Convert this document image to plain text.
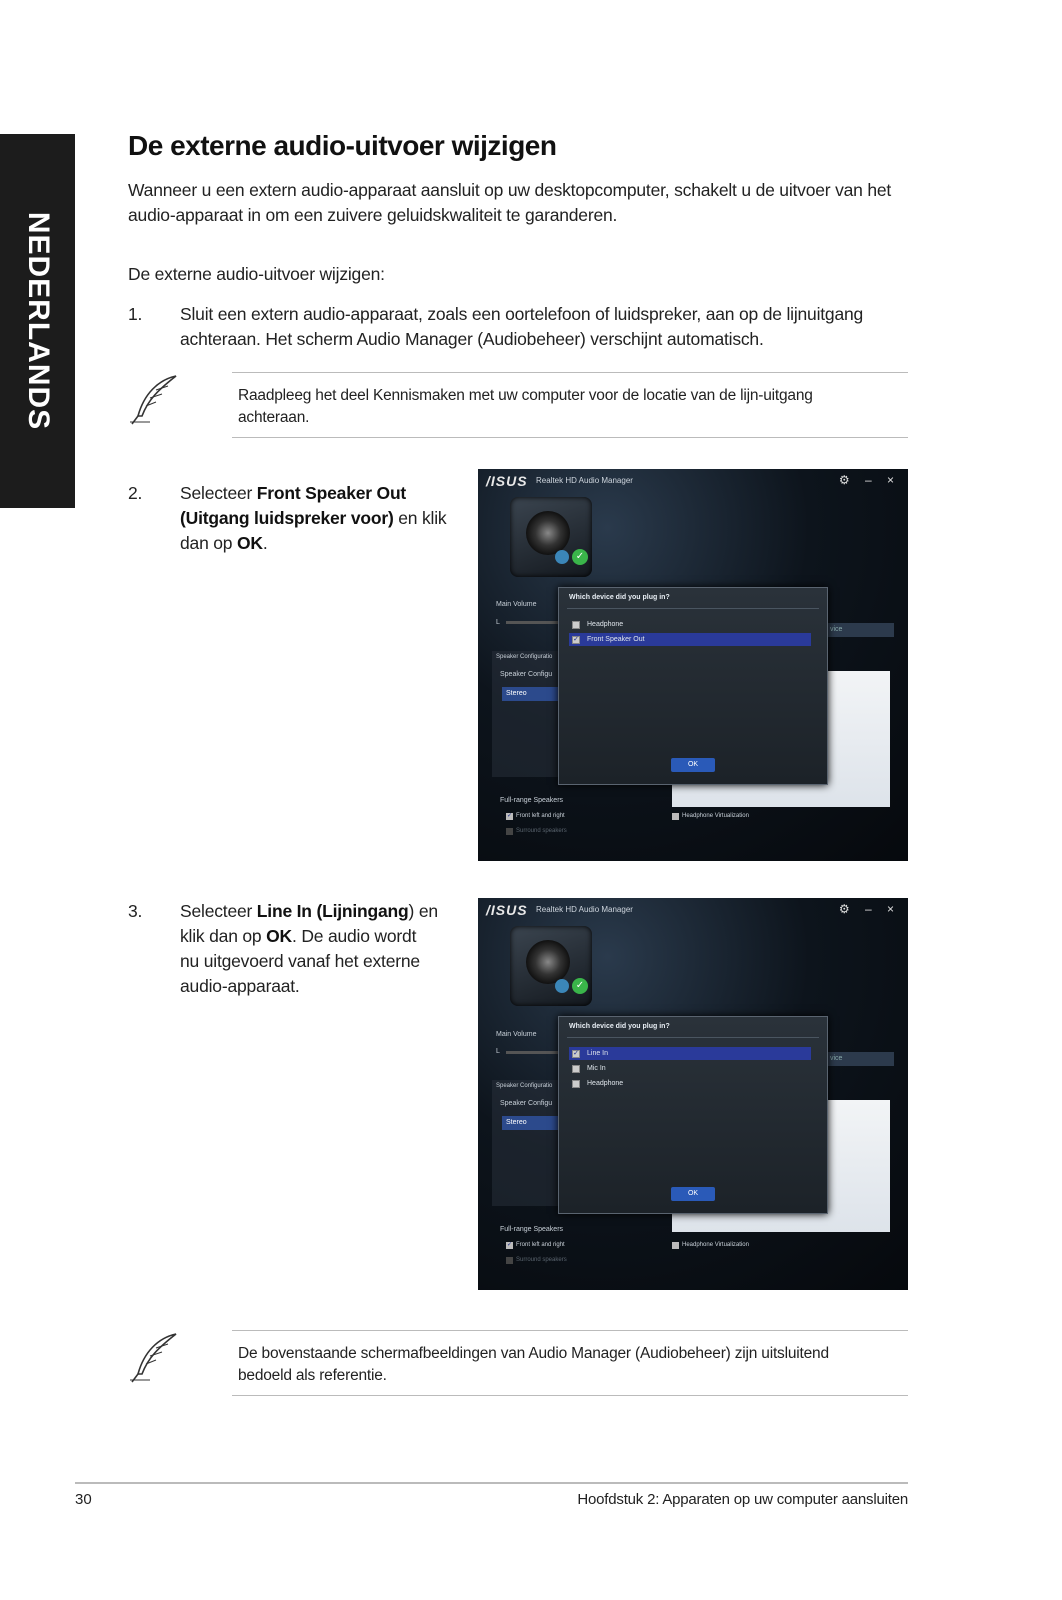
NEDERLANDS
De externe audio-uitvoer wijzigen
Wanneer u een extern audio-apparaat aansluit op uw desktopcomputer, schakelt u de uitvoer van het audio-apparaat in om een zuivere geluidskwaliteit te garanderen.
De externe audio-uitvoer wijzigen:
1. Sluit een extern audio-apparaat, zoals een oortelefoon of luidspreker, aan op de lijnuitgang
achteraan. Het scherm Audio Manager (Audiobeheer) verschijnt automatisch.
Raadpleeg het deel Kennismaken met uw computer voor de locatie van de lijn-uitgang
achteraan.
2. Selecteer Front Speaker Out
(Uitgang luidspreker voor) en klik
dan op OK.
/ISUS Realtek HD Audio Manager	⚙ – ×
✓
Main Volume
L
Speaker Configuratio
Speaker Configu
Stereo
vice
Which device did you plug in?
Headphone
✓ Front Speaker Out
OK
Full-range Speakers
✓ Front left and right
Surround speakers
Headphone Virtualization
3. Selecteer Line In (Lijningang) en
klik dan op OK. De audio wordt
nu uitgevoerd vanaf het externe
audio-apparaat.
/ISUS Realtek HD Audio Manager	⚙ – ×
✓
Main Volume
L
Speaker Configuratio
Speaker Configu
Stereo
vice
Which device did you plug in?
✓ Line In
Mic In
Headphone
OK
Full-range Speakers
✓ Front left and right
Surround speakers
Headphone Virtualization
De bovenstaande schermafbeeldingen van Audio Manager (Audiobeheer) zijn uitsluitend
bedoeld als referentie.
30	Hoofdstuk 2: Apparaten op uw computer aansluiten
